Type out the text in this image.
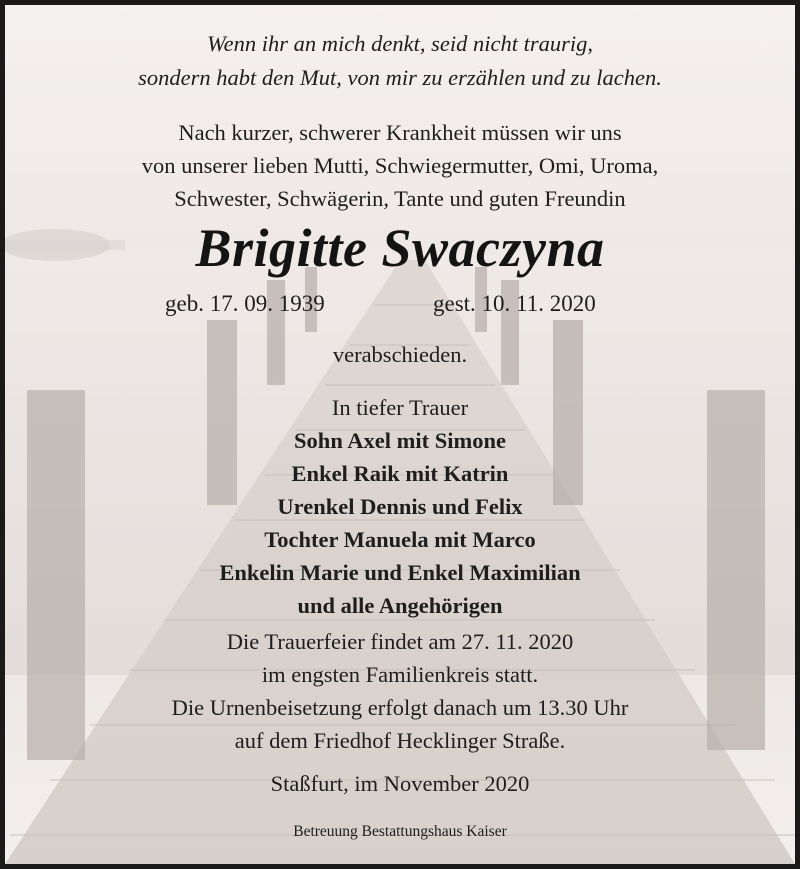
Wenn ihr an mich denkt, seid nicht traurig,
sondern habt den Mut, von mir zu erzählen und zu lachen.
Nach kurzer, schwerer Krankheit müssen wir uns
von unserer lieben Mutti, Schwiegermutter, Omi, Uroma,
Schwester, Schwägerin, Tante und guten Freundin
Brigitte Swaczyna
geb. 17. 09. 1939	gest. 10. 11. 2020
verabschieden.
In tiefer Trauer
Sohn Axel mit Simone
Enkel Raik mit Katrin
Urenkel Dennis und Felix
Tochter Manuela mit Marco
Enkelin Marie und Enkel Maximilian
und alle Angehörigen
Die Trauerfeier findet am 27. 11. 2020
im engsten Familienkreis statt.
Die Urnenbeisetzung erfolgt danach um 13.30 Uhr
auf dem Friedhof Hecklinger Straße.
Staßfurt, im November 2020
Betreuung Bestattungshaus Kaiser
